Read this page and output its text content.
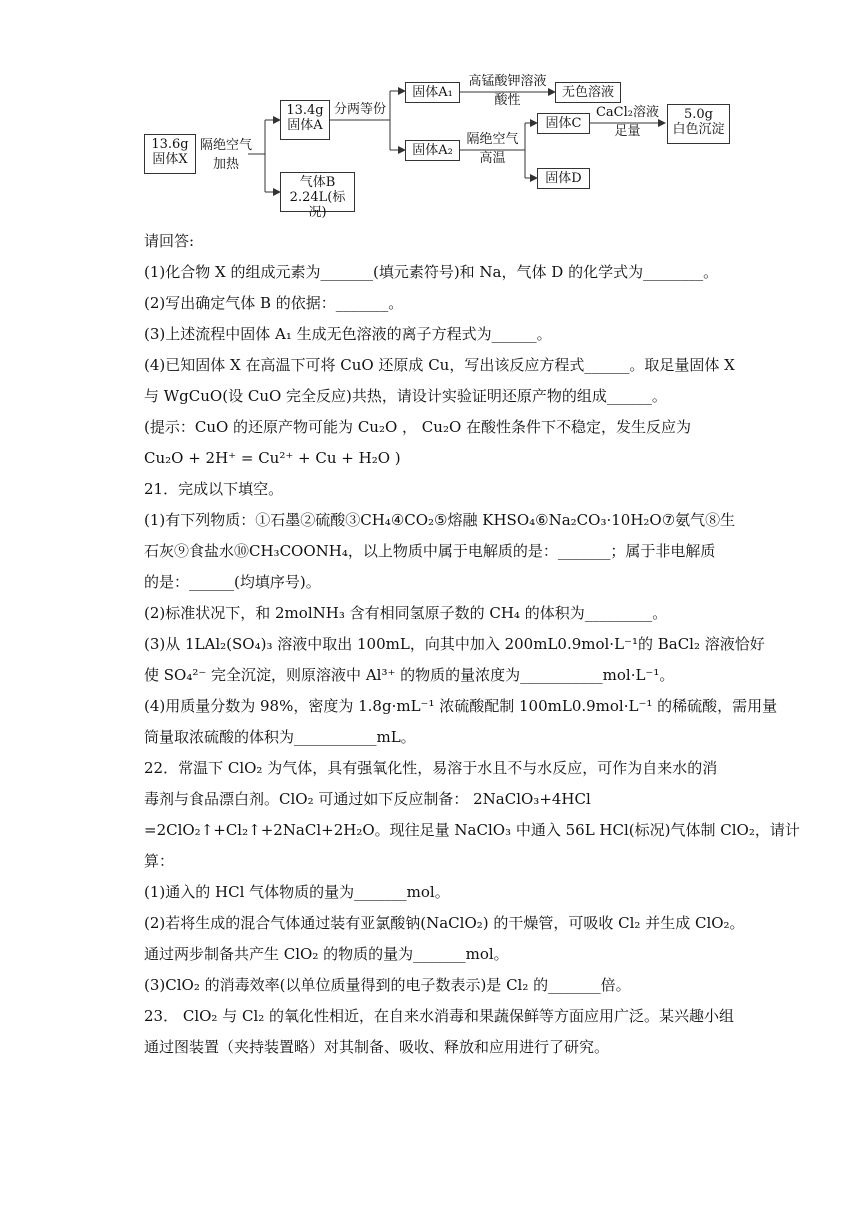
13.6g
固体X
隔绝空气
加热
13.4g
固体A
分两等份
固体A₁
高锰酸钾溶液
酸性
无色溶液
固体A₂
隔绝空气
高温
固体C
CaCl₂溶液
足量
5.0g
白色沉淀
固体D
气体B
2.24L(标况)
请回答:
(1)化合物 X 的组成元素为_______(填元素符号)和 Na，气体 D 的化学式为________。
(2)写出确定气体 B 的依据：_______。
(3)上述流程中固体 A₁ 生成无色溶液的离子方程式为______。
(4)已知固体 X 在高温下可将 CuO 还原成 Cu，写出该反应方程式______。取足量固体 X
与 WgCuO(设 CuO 完全反应)共热，请设计实验证明还原产物的组成______。
(提示：CuO 的还原产物可能为 Cu₂O ， Cu₂O 在酸性条件下不稳定，发生反应为
Cu₂O + 2H⁺ = Cu²⁺ + Cu + H₂O )
21．完成以下填空。
(1)有下列物质：①石墨②硫酸③CH₄④CO₂⑤熔融 KHSO₄⑥Na₂CO₃·10H₂O⑦氨气⑧生
石灰⑨食盐水⑩CH₃COONH₄，以上物质中属于电解质的是：_______；属于非电解质
的是：______(均填序号)。
(2)标准状况下，和 2molNH₃ 含有相同氢原子数的 CH₄ 的体积为_________。
(3)从 1LAl₂(SO₄)₃ 溶液中取出 100mL，向其中加入 200mL0.9mol·L⁻¹的 BaCl₂ 溶液恰好
使 SO₄²⁻ 完全沉淀，则原溶液中 Al³⁺ 的物质的量浓度为___________mol·L⁻¹。
(4)用质量分数为 98%，密度为 1.8g·mL⁻¹ 浓硫酸配制 100mL0.9mol·L⁻¹ 的稀硫酸，需用量
筒量取浓硫酸的体积为___________mL。
22．常温下 ClO₂ 为气体，具有强氧化性，易溶于水且不与水反应，可作为自来水的消
毒剂与食品漂白剂。ClO₂ 可通过如下反应制备： 2NaClO₃+4HCl
=2ClO₂↑+Cl₂↑+2NaCl+2H₂O。现往足量 NaClO₃ 中通入 56L HCl(标况)气体制 ClO₂，请计
算：
(1)通入的 HCl 气体物质的量为_______mol。
(2)若将生成的混合气体通过装有亚氯酸钠(NaClO₂) 的干燥管，可吸收 Cl₂ 并生成 ClO₂。
通过两步制备共产生 ClO₂ 的物质的量为_______mol。
(3)ClO₂ 的消毒效率(以单位质量得到的电子数表示)是 Cl₂ 的_______倍。
23． ClO₂ 与 Cl₂ 的氧化性相近，在自来水消毒和果蔬保鲜等方面应用广泛。某兴趣小组
通过图装置（夹持装置略）对其制备、吸收、释放和应用进行了研究。
